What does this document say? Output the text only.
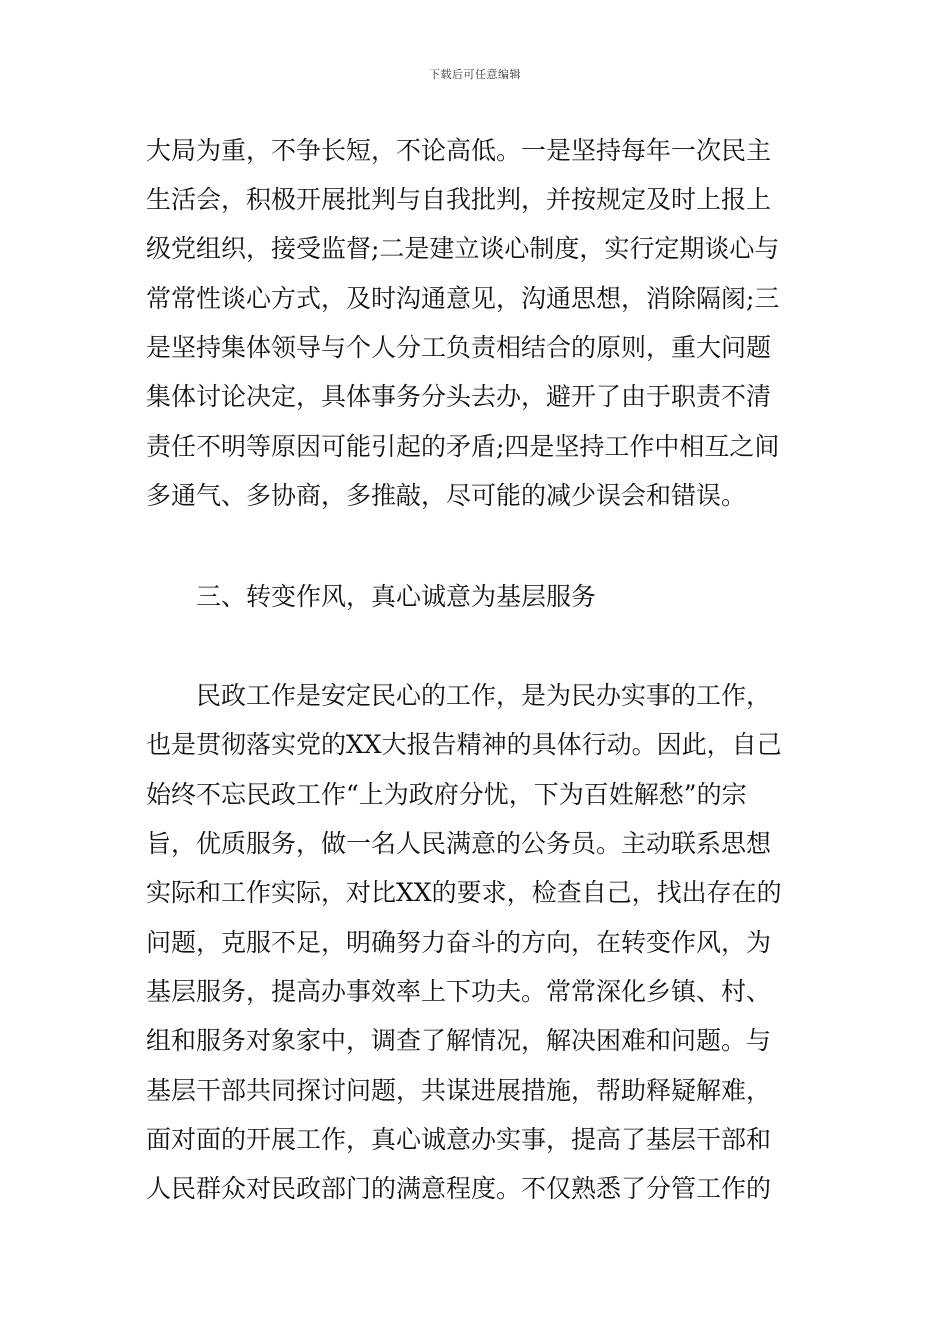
下载后可任意编辑
大局为重，不争长短，不论高低。一是坚持每年一次民主
生活会，积极开展批判与自我批判，并按规定及时上报上
级党组织，接受监督;二是建立谈心制度，实行定期谈心与
常常性谈心方式，及时沟通意见，沟通思想，消除隔阂;三
是坚持集体领导与个人分工负责相结合的原则，重大问题
集体讨论决定，具体事务分头去办，避开了由于职责不清
责任不明等原因可能引起的矛盾;四是坚持工作中相互之间
多通气、多协商，多推敲，尽可能的减少误会和错误。
三、转变作风，真心诚意为基层服务
民政工作是安定民心的工作，是为民办实事的工作，
也是贯彻落实党的XX大报告精神的具体行动。因此，自己
始终不忘民政工作“上为政府分忧，下为百姓解愁”的宗
旨，优质服务，做一名人民满意的公务员。主动联系思想
实际和工作实际，对比XX的要求，检查自己，找出存在的
问题，克服不足，明确努力奋斗的方向，在转变作风，为
基层服务，提高办事效率上下功夫。常常深化乡镇、村、
组和服务对象家中，调查了解情况，解决困难和问题。与
基层干部共同探讨问题，共谋进展措施，帮助释疑解难，
面对面的开展工作，真心诚意办实事，提高了基层干部和
人民群众对民政部门的满意程度。不仅熟悉了分管工作的
